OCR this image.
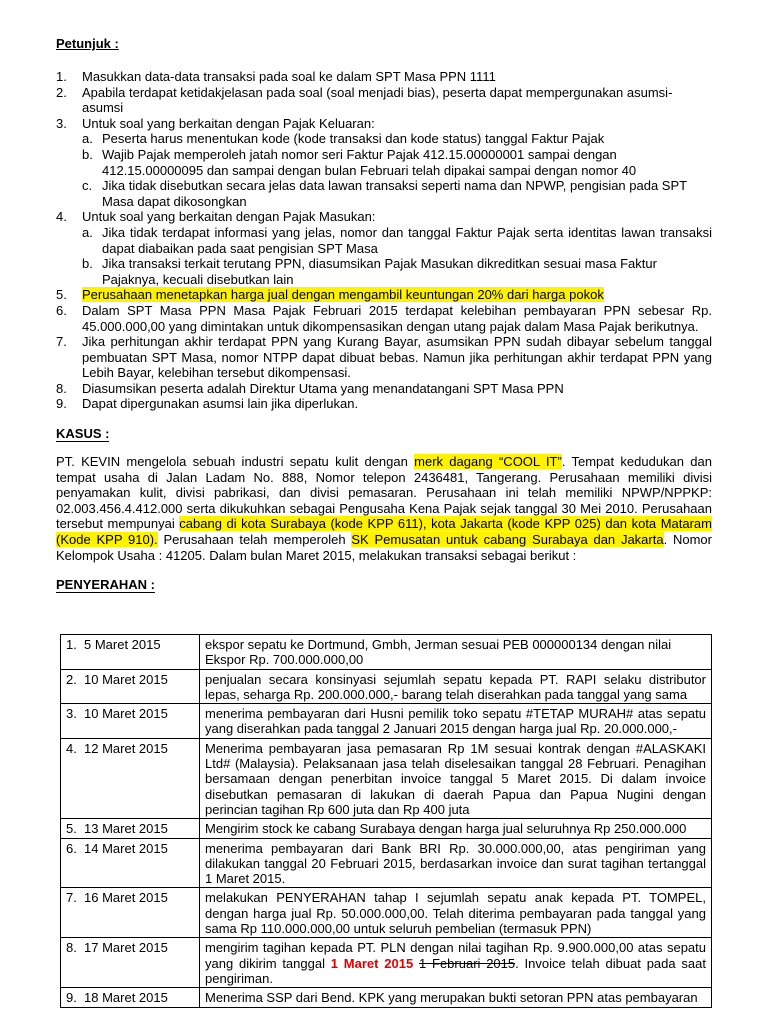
Petunjuk :
1. Masukkan data-data transaksi pada soal ke dalam SPT Masa PPN 1111
2. Apabila terdapat ketidakjelasan pada soal (soal menjadi bias), peserta dapat mempergunakan asumsi-asumsi
3. Untuk soal yang berkaitan dengan Pajak Keluaran:
a. Peserta harus menentukan kode (kode transaksi dan kode status) tanggal Faktur Pajak
b. Wajib Pajak memperoleh jatah nomor seri Faktur Pajak 412.15.00000001 sampai dengan 412.15.00000095 dan sampai dengan bulan Februari telah dipakai sampai dengan nomor 40
c. Jika tidak disebutkan secara jelas data lawan transaksi seperti nama dan NPWP, pengisian pada SPT Masa dapat dikosongkan
4. Untuk soal yang berkaitan dengan Pajak Masukan:
a. Jika tidak terdapat informasi yang jelas, nomor dan tanggal Faktur Pajak serta identitas lawan transaksi dapat diabaikan pada saat pengisian SPT Masa
b. Jika transaksi terkait terutang PPN, diasumsikan Pajak Masukan dikreditkan sesuai masa Faktur Pajaknya, kecuali disebutkan lain
5. Perusahaan menetapkan harga jual dengan mengambil keuntungan 20% dari harga pokok
6. Dalam SPT Masa PPN Masa Pajak Februari 2015 terdapat kelebihan pembayaran PPN sebesar Rp. 45.000.000,00 yang dimintakan untuk dikompensasikan dengan utang pajak dalam Masa Pajak berikutnya.
7. Jika perhitungan akhir terdapat PPN yang Kurang Bayar, asumsikan PPN sudah dibayar sebelum tanggal pembuatan SPT Masa, nomor NTPP dapat dibuat bebas. Namun jika perhitungan akhir terdapat PPN yang Lebih Bayar, kelebihan tersebut dikompensasi.
8. Diasumsikan peserta adalah Direktur Utama yang menandatangani SPT Masa PPN
9. Dapat dipergunakan asumsi lain jika diperlukan.
KASUS :
PT. KEVIN mengelola sebuah industri sepatu kulit dengan merk dagang “COOL IT”. Tempat kedudukan dan tempat usaha di Jalan Ladam No. 888, Nomor telepon 2436481, Tangerang. Perusahaan memiliki divisi penyamakan kulit, divisi pabrikasi, dan divisi pemasaran. Perusahaan ini telah memiliki NPWP/NPPKP: 02.003.456.4.412.000 serta dikukuhkan sebagai Pengusaha Kena Pajak sejak tanggal 30 Mei 2010. Perusahaan tersebut mempunyai cabang di kota Surabaya (kode KPP 611), kota Jakarta (kode KPP 025) dan kota Mataram (Kode KPP 910). Perusahaan telah memperoleh SK Pemusatan untuk cabang Surabaya dan Jakarta. Nomor Kelompok Usaha : 41205. Dalam bulan Maret 2015, melakukan transaksi sebagai berikut :
PENYERAHAN :
1. 5 Maret 2015	ekspor sepatu ke Dortmund, Gmbh, Jerman sesuai PEB 000000134 dengan nilai Ekspor Rp. 700.000.000,00
2. 10 Maret 2015	penjualan secara konsinyasi sejumlah sepatu kepada PT. RAPI selaku distributor lepas, seharga Rp. 200.000.000,- barang telah diserahkan pada tanggal yang sama
3. 10 Maret 2015	menerima pembayaran dari Husni pemilik toko sepatu #TETAP MURAH# atas sepatu yang diserahkan pada tanggal 2 Januari 2015 dengan harga jual Rp. 20.000.000,-
4. 12 Maret 2015	Menerima pembayaran jasa pemasaran Rp 1M sesuai kontrak dengan #ALASKAKI Ltd# (Malaysia). Pelaksanaan jasa telah diselesaikan tanggal 28 Februari. Penagihan bersamaan dengan penerbitan invoice tanggal 5 Maret 2015. Di dalam invoice disebutkan pemasaran di lakukan di daerah Papua dan Papua Nugini dengan perincian tagihan Rp 600 juta dan Rp 400 juta
5. 13 Maret 2015	Mengirim stock ke cabang Surabaya dengan harga jual seluruhnya Rp 250.000.000
6. 14 Maret 2015	menerima pembayaran dari Bank BRI Rp. 30.000.000,00, atas pengiriman yang dilakukan tanggal 20 Februari 2015, berdasarkan invoice dan surat tagihan tertanggal 1 Maret 2015.
7. 16 Maret 2015	melakukan PENYERAHAN tahap I sejumlah sepatu anak kepada PT. TOMPEL, dengan harga jual Rp. 50.000.000,00. Telah diterima pembayaran pada tanggal yang sama Rp 110.000.000,00 untuk seluruh pembelian (termasuk PPN)
8. 17 Maret 2015	mengirim tagihan kepada PT. PLN dengan nilai tagihan Rp. 9.900.000,00 atas sepatu yang dikirim tanggal 1 Maret 2015 1 Februari 2015. Invoice telah dibuat pada saat pengiriman.
9. 18 Maret 2015	Menerima SSP dari Bend. KPK yang merupakan bukti setoran PPN atas pembayaran
